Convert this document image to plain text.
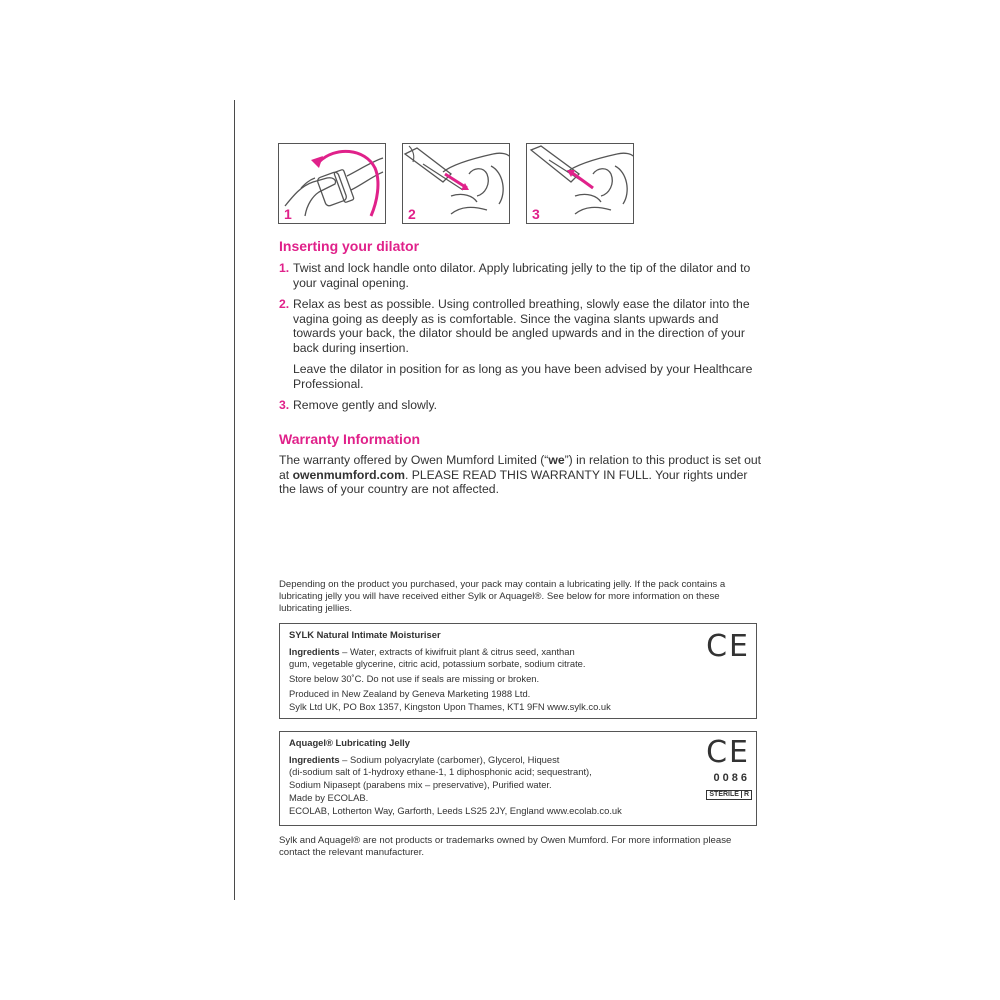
1	2	3
Inserting your dilator
1. Twist and lock handle onto dilator. Apply lubricating jelly to the tip of the dilator and to your vaginal opening.
2. Relax as best as possible. Using controlled breathing, slowly ease the dilator into the vagina going as deeply as is comfortable. Since the vagina slants upwards and towards your back, the dilator should be angled upwards and in the direction of your back during insertion.
Leave the dilator in position for as long as you have been advised by your Healthcare Professional.
3. Remove gently and slowly.
Warranty Information
The warranty offered by Owen Mumford Limited (“we”) in relation to this product is set out at owenmumford.com. PLEASE READ THIS WARRANTY IN FULL. Your rights under the laws of your country are not affected.
Depending on the product you purchased, your pack may contain a lubricating jelly. If the pack contains a lubricating jelly you will have received either Sylk or Aquagel®. See below for more information on these lubricating jellies.
SYLK Natural Intimate Moisturiser
Ingredients – Water, extracts of kiwifruit plant & citrus seed, xanthan
gum, vegetable glycerine, citric acid, potassium sorbate, sodium citrate.
Store below 30˚C. Do not use if seals are missing or broken.
Produced in New Zealand by Geneva Marketing 1988 Ltd.
Sylk Ltd UK, PO Box 1357, Kingston Upon Thames, KT1 9FN www.sylk.co.uk
CE
Aquagel® Lubricating Jelly
Ingredients – Sodium polyacrylate (carbomer), Glycerol, Hiquest
(di-sodium salt of 1-hydroxy ethane-1, 1 diphosphonic acid; sequestrant),
Sodium Nipasept (parabens mix – preservative), Purified water.
Made by ECOLAB.
ECOLAB, Lotherton Way, Garforth, Leeds LS25 2JY, England www.ecolab.co.uk
CE
0086
STERILE R
Sylk and Aquagel® are not products or trademarks owned by Owen Mumford. For more information please contact the relevant manufacturer.
